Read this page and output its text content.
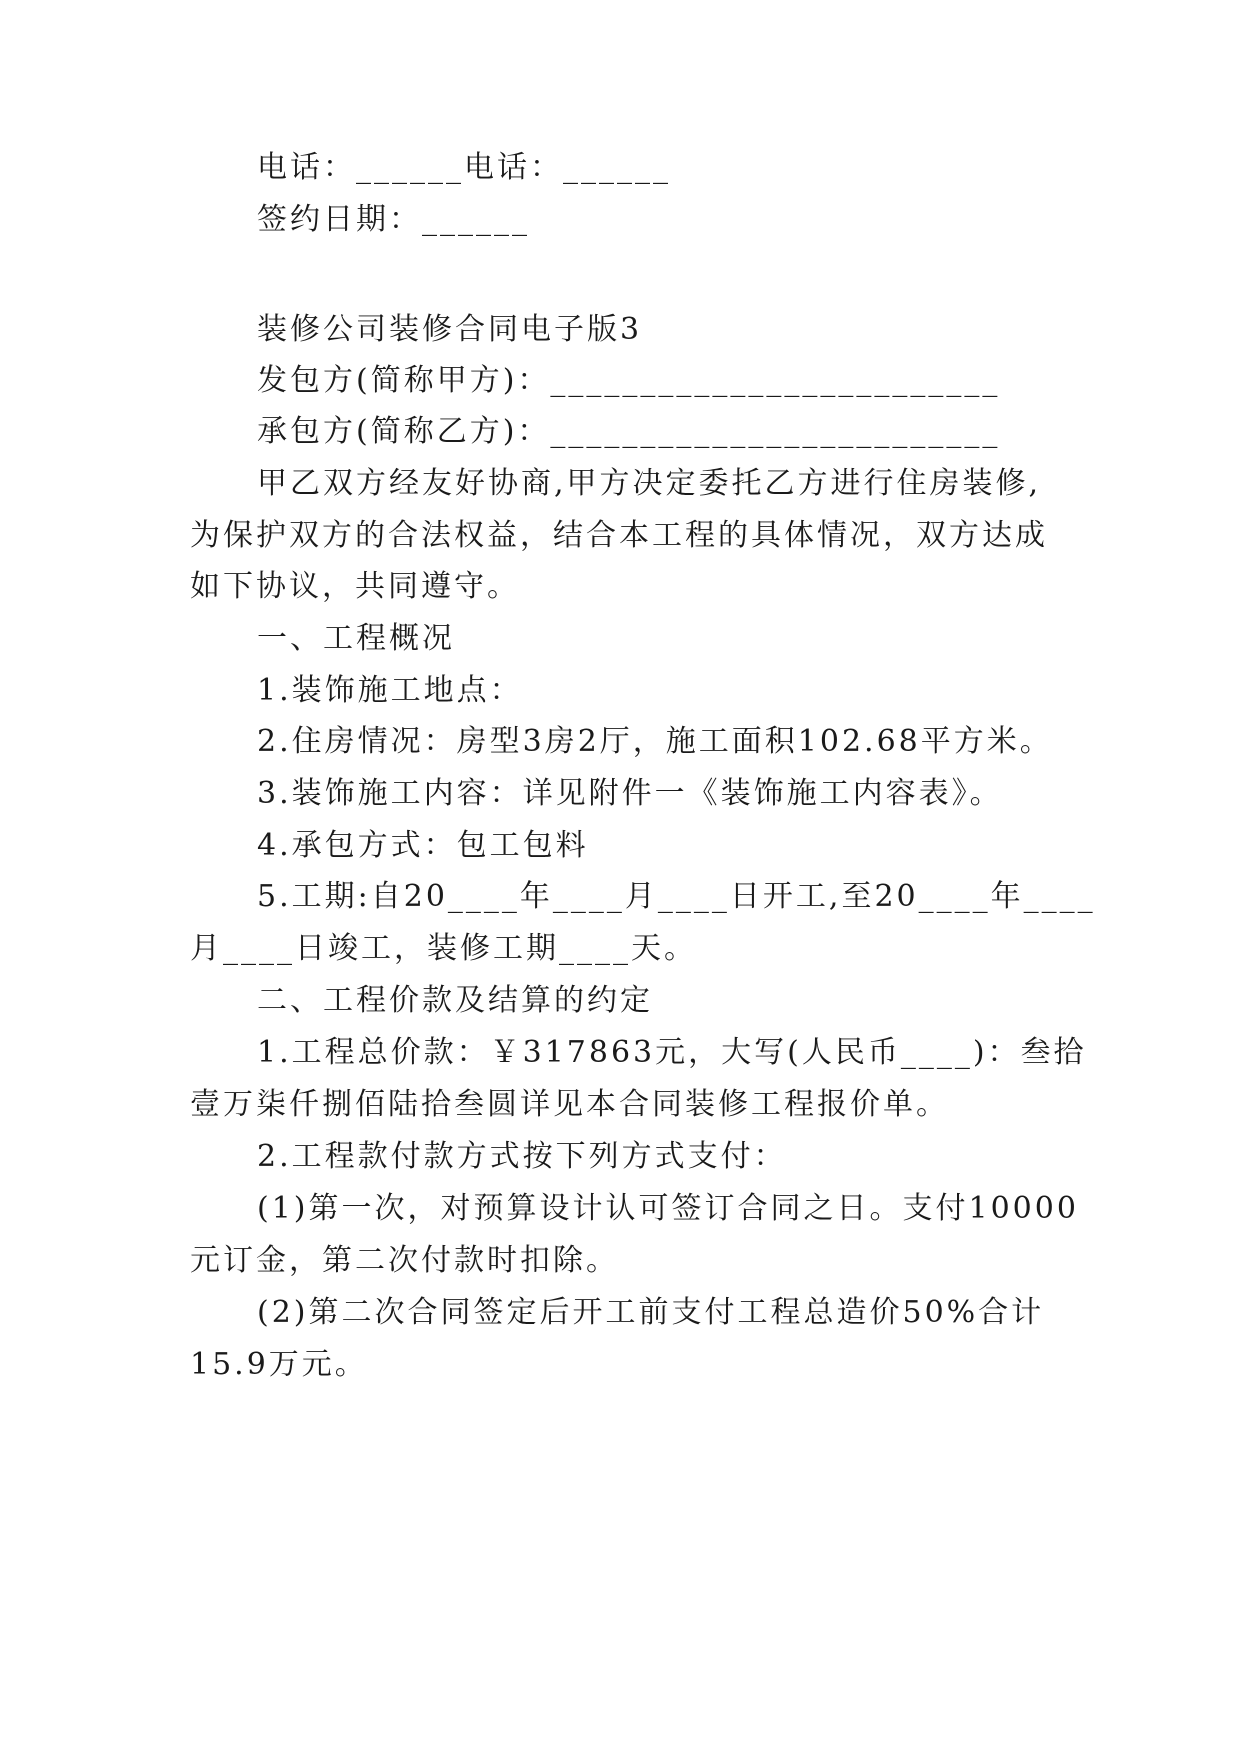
电话：______电话：______
签约日期：______
装修公司装修合同电子版3
发包方(简称甲方)：_________________________
承包方(简称乙方)：_________________________
甲乙双方经友好协商,甲方决定委托乙方进行住房装修,
为保护双方的合法权益，结合本工程的具体情况，双方达成
如下协议，共同遵守。
一、工程概况
1.装饰施工地点：
2.住房情况：房型3房2厅，施工面积102.68平方米。
3.装饰施工内容：详见附件一《装饰施工内容表》。
4.承包方式：包工包料
5.工期:自20____年____月____日开工,至20____年____
月____日竣工，装修工期____天。
二、工程价款及结算的约定
1.工程总价款：￥317863元，大写(人民币____)：叁拾
壹万柒仟捌佰陆拾叁圆详见本合同装修工程报价单。
2.工程款付款方式按下列方式支付：
(1)第一次，对预算设计认可签订合同之日。支付10000
元订金，第二次付款时扣除。
(2)第二次合同签定后开工前支付工程总造价50%合计
15.9万元。
